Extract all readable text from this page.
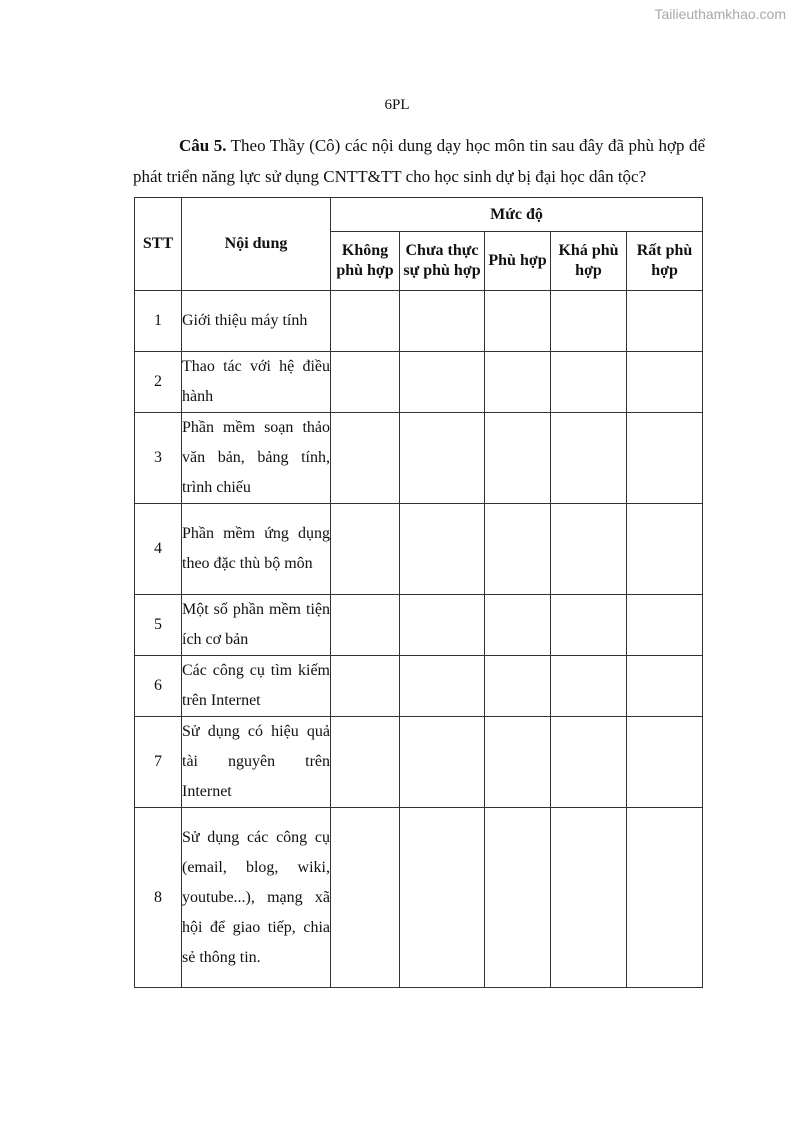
Tailieuthamkhao.com
6PL
Câu 5. Theo Thầy (Cô) các nội dung dạy học môn tin sau đây đã phù hợp để phát triển năng lực sử dụng CNTT&TT cho học sinh dự bị đại học dân tộc?
STT	Nội dung	Mức độ				
		Không phù hợp	Chưa thực sự phù hợp	Phù hợp	Khá phù hợp	Rất phù hợp
1	Giới thiệu máy tính					
2	Thao tác với hệ điều hành					
3	Phần mềm soạn thảo văn bản, bảng tính, trình chiếu					
4	Phần mềm ứng dụng theo đặc thù bộ môn					
5	Một số phần mềm tiện ích cơ bản					
6	Các công cụ tìm kiếm trên Internet					
7	Sử dụng có hiệu quả tài nguyên trên Internet					
8	Sử dụng các công cụ (email, blog, wiki, youtube...), mạng xã hội để giao tiếp, chia sẻ thông tin.					
